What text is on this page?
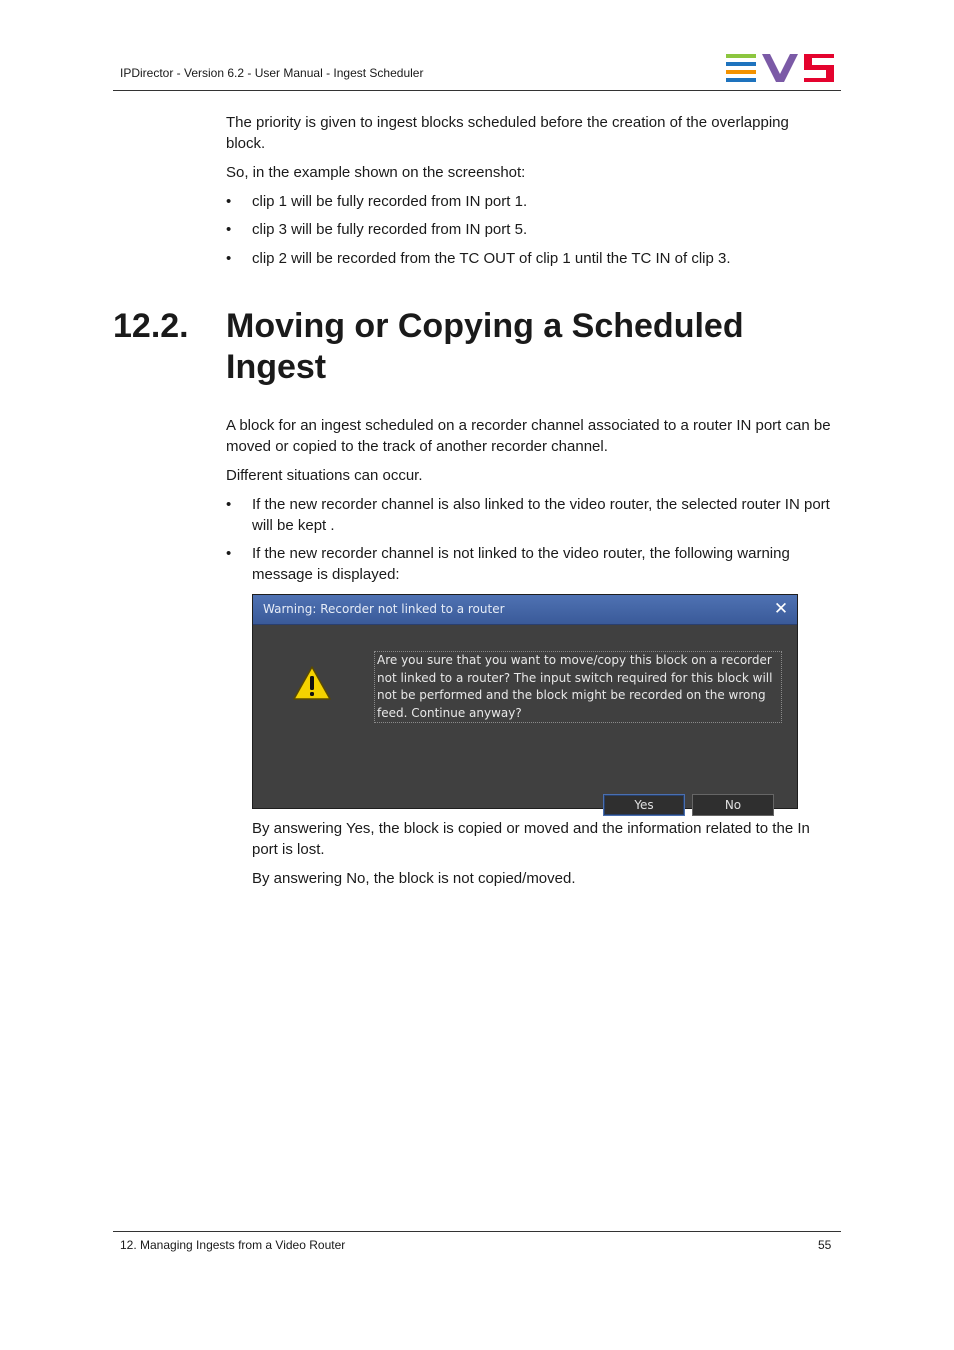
IPDirector - Version 6.2 - User Manual - Ingest Scheduler

The priority is given to ingest blocks scheduled before the creation of the overlapping block.

So, in the example shown on the screenshot:

• clip 1 will be fully recorded from IN port 1.
• clip 3 will be fully recorded from IN port 5.
• clip 2 will be recorded from the TC OUT of clip 1 until the TC IN of clip 3.
12.2. Moving or Copying a Scheduled Ingest

A block for an ingest scheduled on a recorder channel associated to a router IN port can be moved or copied to the track of another recorder channel.

Different situations can occur.

• If the new recorder channel is also linked to the video router, the selected router IN port will be kept .
• If the new recorder channel is not linked to the video router, the following warning message is displayed:
Warning: Recorder not linked to a router	✕
Are you sure that you want to move/copy this block on a recorder not linked to a router? The input switch required for this block will not be performed and the block might be recorded on the wrong feed. Continue anyway?
Yes	No

By answering Yes, the block is copied or moved and the information related to the In port is lost.

By answering No, the block is not copied/moved.

12. Managing Ingests from a Video Router	55
